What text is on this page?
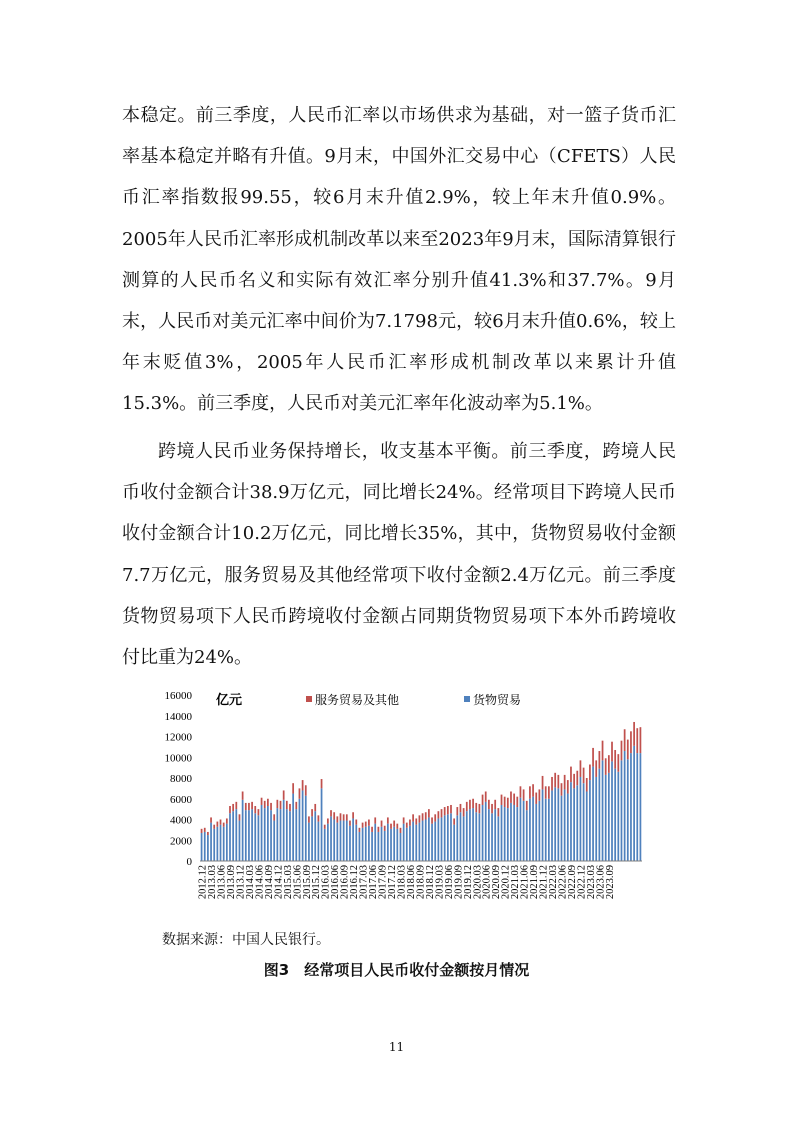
本稳定。前三季度，人民币汇率以市场供求为基础，对一篮子货币汇率基本稳定并略有升值。9月末，中国外汇交易中心（CFETS）人民币汇率指数报99.55，较6月末升值2.9%，较上年末升值0.9%。2005年人民币汇率形成机制改革以来至2023年9月末，国际清算银行测算的人民币名义和实际有效汇率分别升值41.3%和37.7%。9月末，人民币对美元汇率中间价为7.1798元，较6月末升值0.6%，较上年末贬值3%，2005年人民币汇率形成机制改革以来累计升值15.3%。前三季度，人民币对美元汇率年化波动率为5.1%。

跨境人民币业务保持增长，收支基本平衡。前三季度，跨境人民币收付金额合计38.9万亿元，同比增长24%。经常项目下跨境人民币收付金额合计10.2万亿元，同比增长35%，其中，货物贸易收付金额7.7万亿元，服务贸易及其他经常项下收付金额2.4万亿元。前三季度货物贸易项下人民币跨境收付金额占同期货物贸易项下本外币跨境收付比重为24%。

0
2000
4000
6000
8000
10000
12000
14000
16000
2012.12
2013.03
2013.06
2013.09
2013.12
2014.03
2014.06
2014.09
2014.12
2015.03
2015.06
2015.09
2015.12
2016.03
2016.06
2016.09
2016.12
2017.03
2017.06
2017.09
2017.12
2018.03
2018.06
2018.09
2018.12
2019.03
2019.06
2019.09
2019.12
2020.03
2020.06
2020.09
2020.12
2021.03
2021.06
2021.09
2021.12
2022.03
2022.06
2022.09
2022.12
2023.03
2023.06
2023.09
亿元	服务贸易及其他	货物贸易

数据来源：中国人民银行。

图3　经常项目人民币收付金额按月情况

11
